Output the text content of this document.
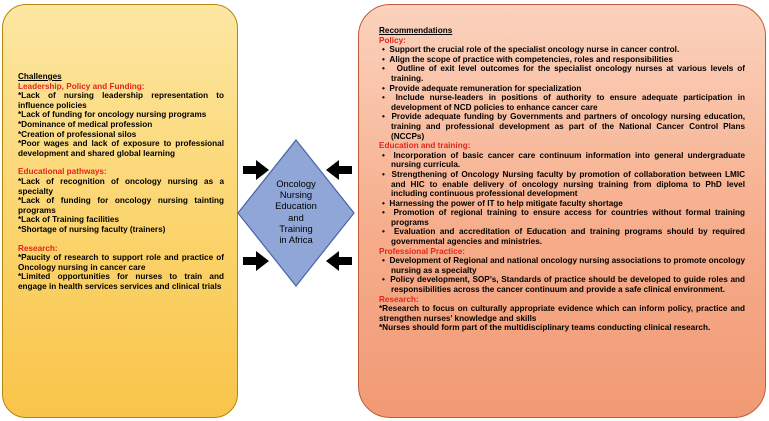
Challenges
Leadership, Policy and Funding:

*Lack of nursing leadership representation to influence policies

*Lack of funding for oncology nursing programs

*Dominance of medical profession

*Creation of professional silos

*Poor wages and lack of exposure to professional development and shared global learning

Educational pathways:

*Lack of recognition of oncology nursing as a specialty

*Lack of funding for oncology nursing tainting programs

*Lack of Training facilities

*Shortage of nursing faculty (trainers)

Research:

*Paucity of research to support role and practice of Oncology nursing in cancer care

*Limited opportunities for nurses to train and engage in health services services and clinical trials

Oncology
Nursing
Education
and
Training
in Africa
Recommendations
Policy:

•  Support the crucial role of the specialist oncology nurse in cancer control.

•  Align the scope of practice with competencies, roles and responsibilities

•   Outline of exit level outcomes for the specialist oncology nurses at various levels of training.

•  Provide adequate remuneration for specialization

•  Include nurse-leaders in positions of authority to ensure adequate participation in development of NCD policies to enhance cancer care

•  Provide adequate funding by Governments and partners of oncology nursing education, training and professional development as part of the National Cancer Control Plans (NCCPs)

Education and training:

•  Incorporation of basic cancer care continuum information into general undergraduate nursing curricula.

•  Strengthening of Oncology Nursing faculty by promotion of collaboration between LMIC and HIC to enable delivery of oncology nursing training from diploma to PhD level including continuous professional development

•  Harnessing the power of IT to help mitigate faculty shortage

•  Promotion of regional training to ensure access for countries without formal training programs

•  Evaluation and accreditation of Education and training programs should by required governmental agencies and ministries.

Professional Practice:

•  Development of Regional and national oncology nursing associations to promote oncology nursing as a specialty

•  Policy development, SOP’s, Standards of practice should be developed to guide roles and responsibilities across the cancer continuum and provide a safe clinical environment.

Research:

*Research to focus on culturally appropriate evidence which can inform policy, practice and strengthen nurses’ knowledge and skills

*Nurses should form part of the multidisciplinary teams conducting clinical research.
